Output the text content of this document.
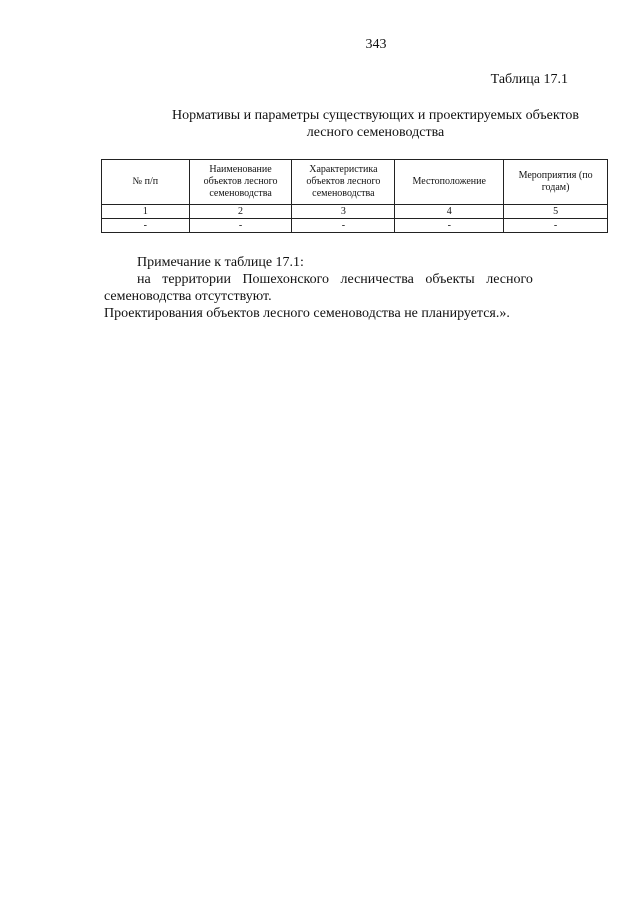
343
Таблица 17.1
Нормативы и параметры существующих и проектируемых объектов лесного семеноводства
№ п/п	Наименование объектов лесного семеноводства	Характеристика объектов лесного семеноводства	Местоположение	Мероприятия (по годам)
1	2	3	4	5
-	-	-	-	-

Примечание к таблице 17.1:

на территории Пошехонского лесничества объекты лесного

семеноводства отсутствуют.

Проектирования объектов лесного семеноводства не планируется.».
